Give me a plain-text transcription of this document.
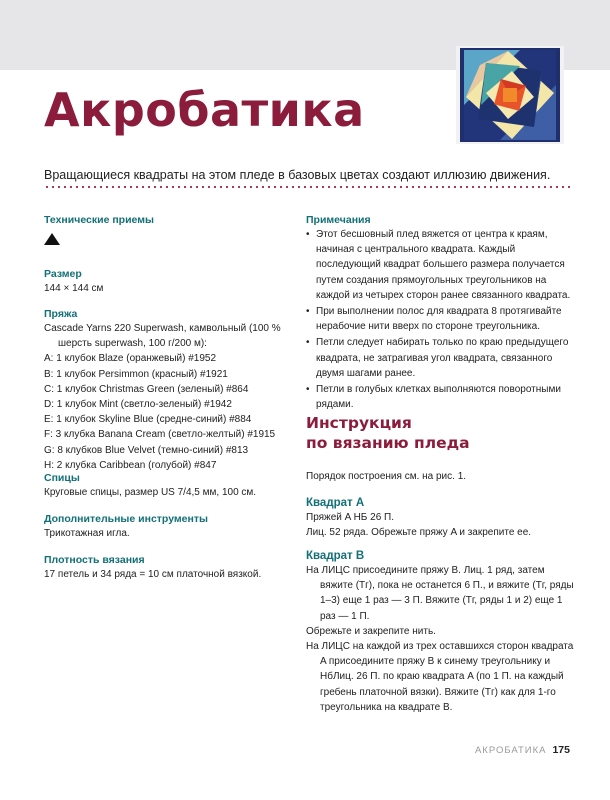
Акробатика

Вращающиеся квадраты на этом пледе в базовых цветах создают иллюзию движения.

Технические приемы

Размер

144 × 144 см

Пряжа

Cascade Yarns 220 Superwash, камвольный (100 % шерсть superwash, 100 г/200 м):

A: 1 клубок Blaze (оранжевый) #1952

B: 1 клубок Persimmon (красный) #1921

C: 1 клубок Christmas Green (зеленый) #864

D: 1 клубок Mint (светло-зеленый) #1942

E: 1 клубок Skyline Blue (средне-синий) #884

F: 3 клубка Banana Cream (светло-желтый) #1915

G: 8 клубков Blue Velvet (темно-синий) #813

H: 2 клубка Caribbean (голубой) #847

Спицы

Круговые спицы, размер US 7/4,5 мм, 100 см.

Дополнительные инструменты

Трикотажная игла.

Плотность вязания

17 петель и 34 ряда = 10 см платочной вязкой.

Примечания

• Этот бесшовный плед вяжется от центра к краям, начиная с центрального квадрата. Каждый последующий квадрат большего размера получается путем создания прямоугольных треугольников на каждой из четырех сторон ранее связанного квадрата.
• При выполнении полос для квадрата 8 протягивайте нерабочие нити вверх по стороне треугольника.
• Петли следует набирать только по краю предыдущего квадрата, не затрагивая угол квадрата, связанного двумя шагами ранее.
• Петли в голубых клетках выполняются поворотными рядами.
Инструкция
по вязанию пледа

Порядок построения см. на рис. 1.

Квадрат A

Пряжей A НБ 26 П.

Лиц. 52 ряда. Обрежьте пряжу A и закрепите ее.

Квадрат B

На ЛИЦС присоедините пряжу B. Лиц. 1 ряд, затем вяжите (Тг), пока не останется 6 П., и вяжите (Тг, ряды 1–3) еще 1 раз — 3 П. Вяжите (Тг, ряды 1 и 2) еще 1 раз — 1 П.

Обрежьте и закрепите нить.

На ЛИЦС на каждой из трех оставшихся сторон квадрата A присоедините пряжу B к синему треугольнику и НбЛиц. 26 П. по краю квадрата A (по 1 П. на каждый гребень платочной вязки). Вяжите (Тг) как для 1-го треугольника на квадрате B.

АКРОБАТИКА 175
